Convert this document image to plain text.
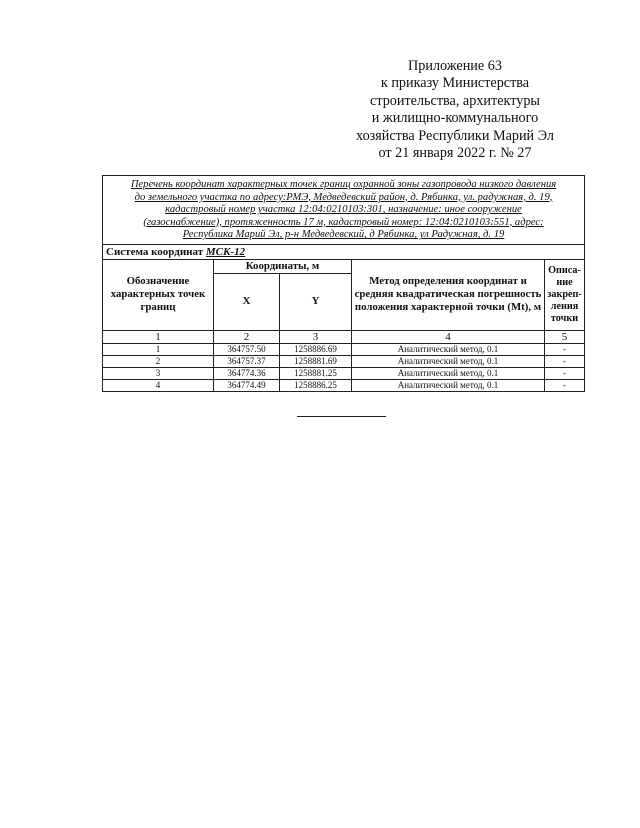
Приложение 63
к приказу Министерства
строительства, архитектуры
и жилищно-коммунального
хозяйства Республики Марий Эл
от 21 января 2022 г. № 27
Перечень координат характерных точек границ охранной зоны газопровода низкого давления
до земельного участка по адресу:РМЭ, Медведевский район, д. Рябинка, ул. радужная, д. 19,
кадастровый номер участка 12:04:0210103:301, назначение: иное сооружение
(газоснабжение), протяженность 17 м, кадастровый номер: 12:04:0210103:551, адрес:
Республика Марий Эл, р-н Медведевский, д Рябинка, ул Радужная, д. 19				

Система координат МСК-12				
Обозначение характерных точек границ	Координаты, м		Метод определения координат и средняя квадратическая погрешность положения характерной точки (Mt), м	Описа-ние закреп-ления точки
	X	Y		
1	2	3	4	5
1	364757.50	1258886.69	Аналитический метод, 0.1	-
2	364757.37	1258881.69	Аналитический метод, 0.1	-
3	364774.36	1258881.25	Аналитический метод, 0.1	-
4	364774.49	1258886.25	Аналитический метод, 0.1	-
